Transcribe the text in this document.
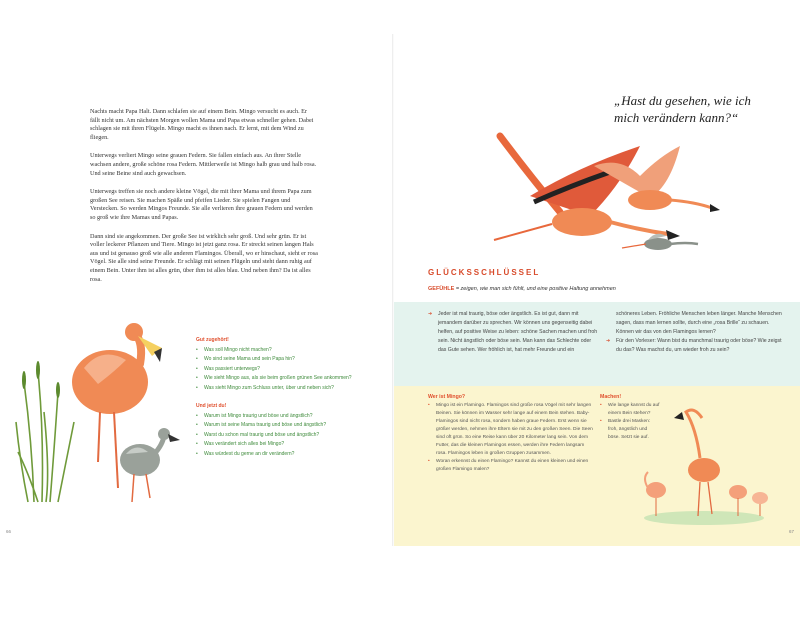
Nachts macht Papa Halt. Dann schlafen sie auf einem Bein. Mingo versucht es auch. Er fällt nicht um. Am nächsten Morgen wollen Mama und Papa etwas schneller gehen. Dabei schlagen sie mit ihren Flügeln. Mingo macht es ihnen nach. Er lernt, mit dem Wind zu fliegen.

Unterwegs verliert Mingo seine grauen Federn. Sie fallen einfach aus. An ihrer Stelle wachsen andere, große schöne rosa Federn. Mittlerweile ist Mingo halb grau und halb rosa. Und seine Beine sind auch gewachsen.

Unterwegs treffen sie noch andere kleine Vögel, die mit ihrer Mama und ihrem Papa zum großen See reisen. Sie machen Späße und pfeifen Lieder. Sie spielen Fangen und Verstecken. So werden Mingos Freunde. Sie alle verlieren ihre grauen Federn und werden so groß wie ihre Mamas und Papas.

Dann sind sie angekommen. Der große See ist wirklich sehr groß. Und sehr grün. Er ist voller leckerer Pflanzen und Tiere. Mingo ist jetzt ganz rosa. Er streckt seinen langen Hals aus und ist genauso groß wie alle anderen Flamingos. Überall, wo er hinschaut, sieht er rosa Vögel. Sie alle sind seine Freunde. Er schlägt mit seinen Flügeln und steht dann ruhig auf einem Bein. Unter ihm ist alles grün, über ihm ist alles blau. Und neben ihm? Da ist alles rosa.

Gut zugehört!
• Was soll Mingo nicht machen?
• Wo sind seine Mama und sein Papa hin?
• Was passiert unterwegs?
• Wie sieht Mingo aus, als sie beim großen grünen See ankommen?
• Was sieht Mingo zum Schluss unter, über und neben sich?
Und jetzt du!
• Warum ist Mingo traurig und böse und ängstlich?
• Warum ist seine Mama traurig und böse und ängstlich?
• Warst du schon mal traurig und böse und ängstlich?
• Was verändert sich alles bei Mingo?
• Was würdest du gerne an dir verändern?
66
„Hast du gesehen, wie ich mich verändern kann?“
GLÜCKSSCHLÜSSEL
GEFÜHLE = zeigen, wie man sich fühlt, und eine positive Haltung annehmen
➜ Jeder ist mal traurig, böse oder ängstlich. Es ist gut, dann mit jemandem darüber zu sprechen. Wir können uns gegenseitig dabei helfen, auf positive Weise zu leben: schöne Sachen machen und froh sein. Nicht ängstlich oder böse sein. Man kann das Schlechte oder das Gute sehen. Wer fröhlich ist, hat mehr Freunde und ein
schöneres Leben. Fröhliche Menschen leben länger. Manche Menschen sagen, dass man lernen sollte, durch eine „rosa Brille“ zu schauen. Können wir das von den Flamingos lernen?
➜ Für den Vorleser: Wann bist du manchmal traurig oder böse? Wie zeigst du das? Was machst du, um wieder froh zu sein?
Wer ist Mingo?
• Mingo ist ein Flamingo. Flamingos sind große rosa Vögel mit sehr langen Beinen. Sie können im Wasser sehr lange auf einem Bein stehen. Baby-Flamingos sind nicht rosa, sondern haben graue Federn. Erst wenn sie größer werden, nehmen ihre Eltern sie mit zu den großen Seen. Die Seen sind oft grün. So eine Reise kann über 20 Kilometer lang sein. Von dem Futter, das die kleinen Flamingos essen, werden ihre Federn langsam rosa. Flamingos leben in großen Gruppen zusammen.
• Woran erkennst du einen Flamingo? Kannst du einen kleinen und einen großen Flamingo malen?
Machen!
• Wie lange kannst du auf einem Bein stehen?
• Bastle drei Masken: froh, ängstlich und böse. Setzt sie auf.
67
